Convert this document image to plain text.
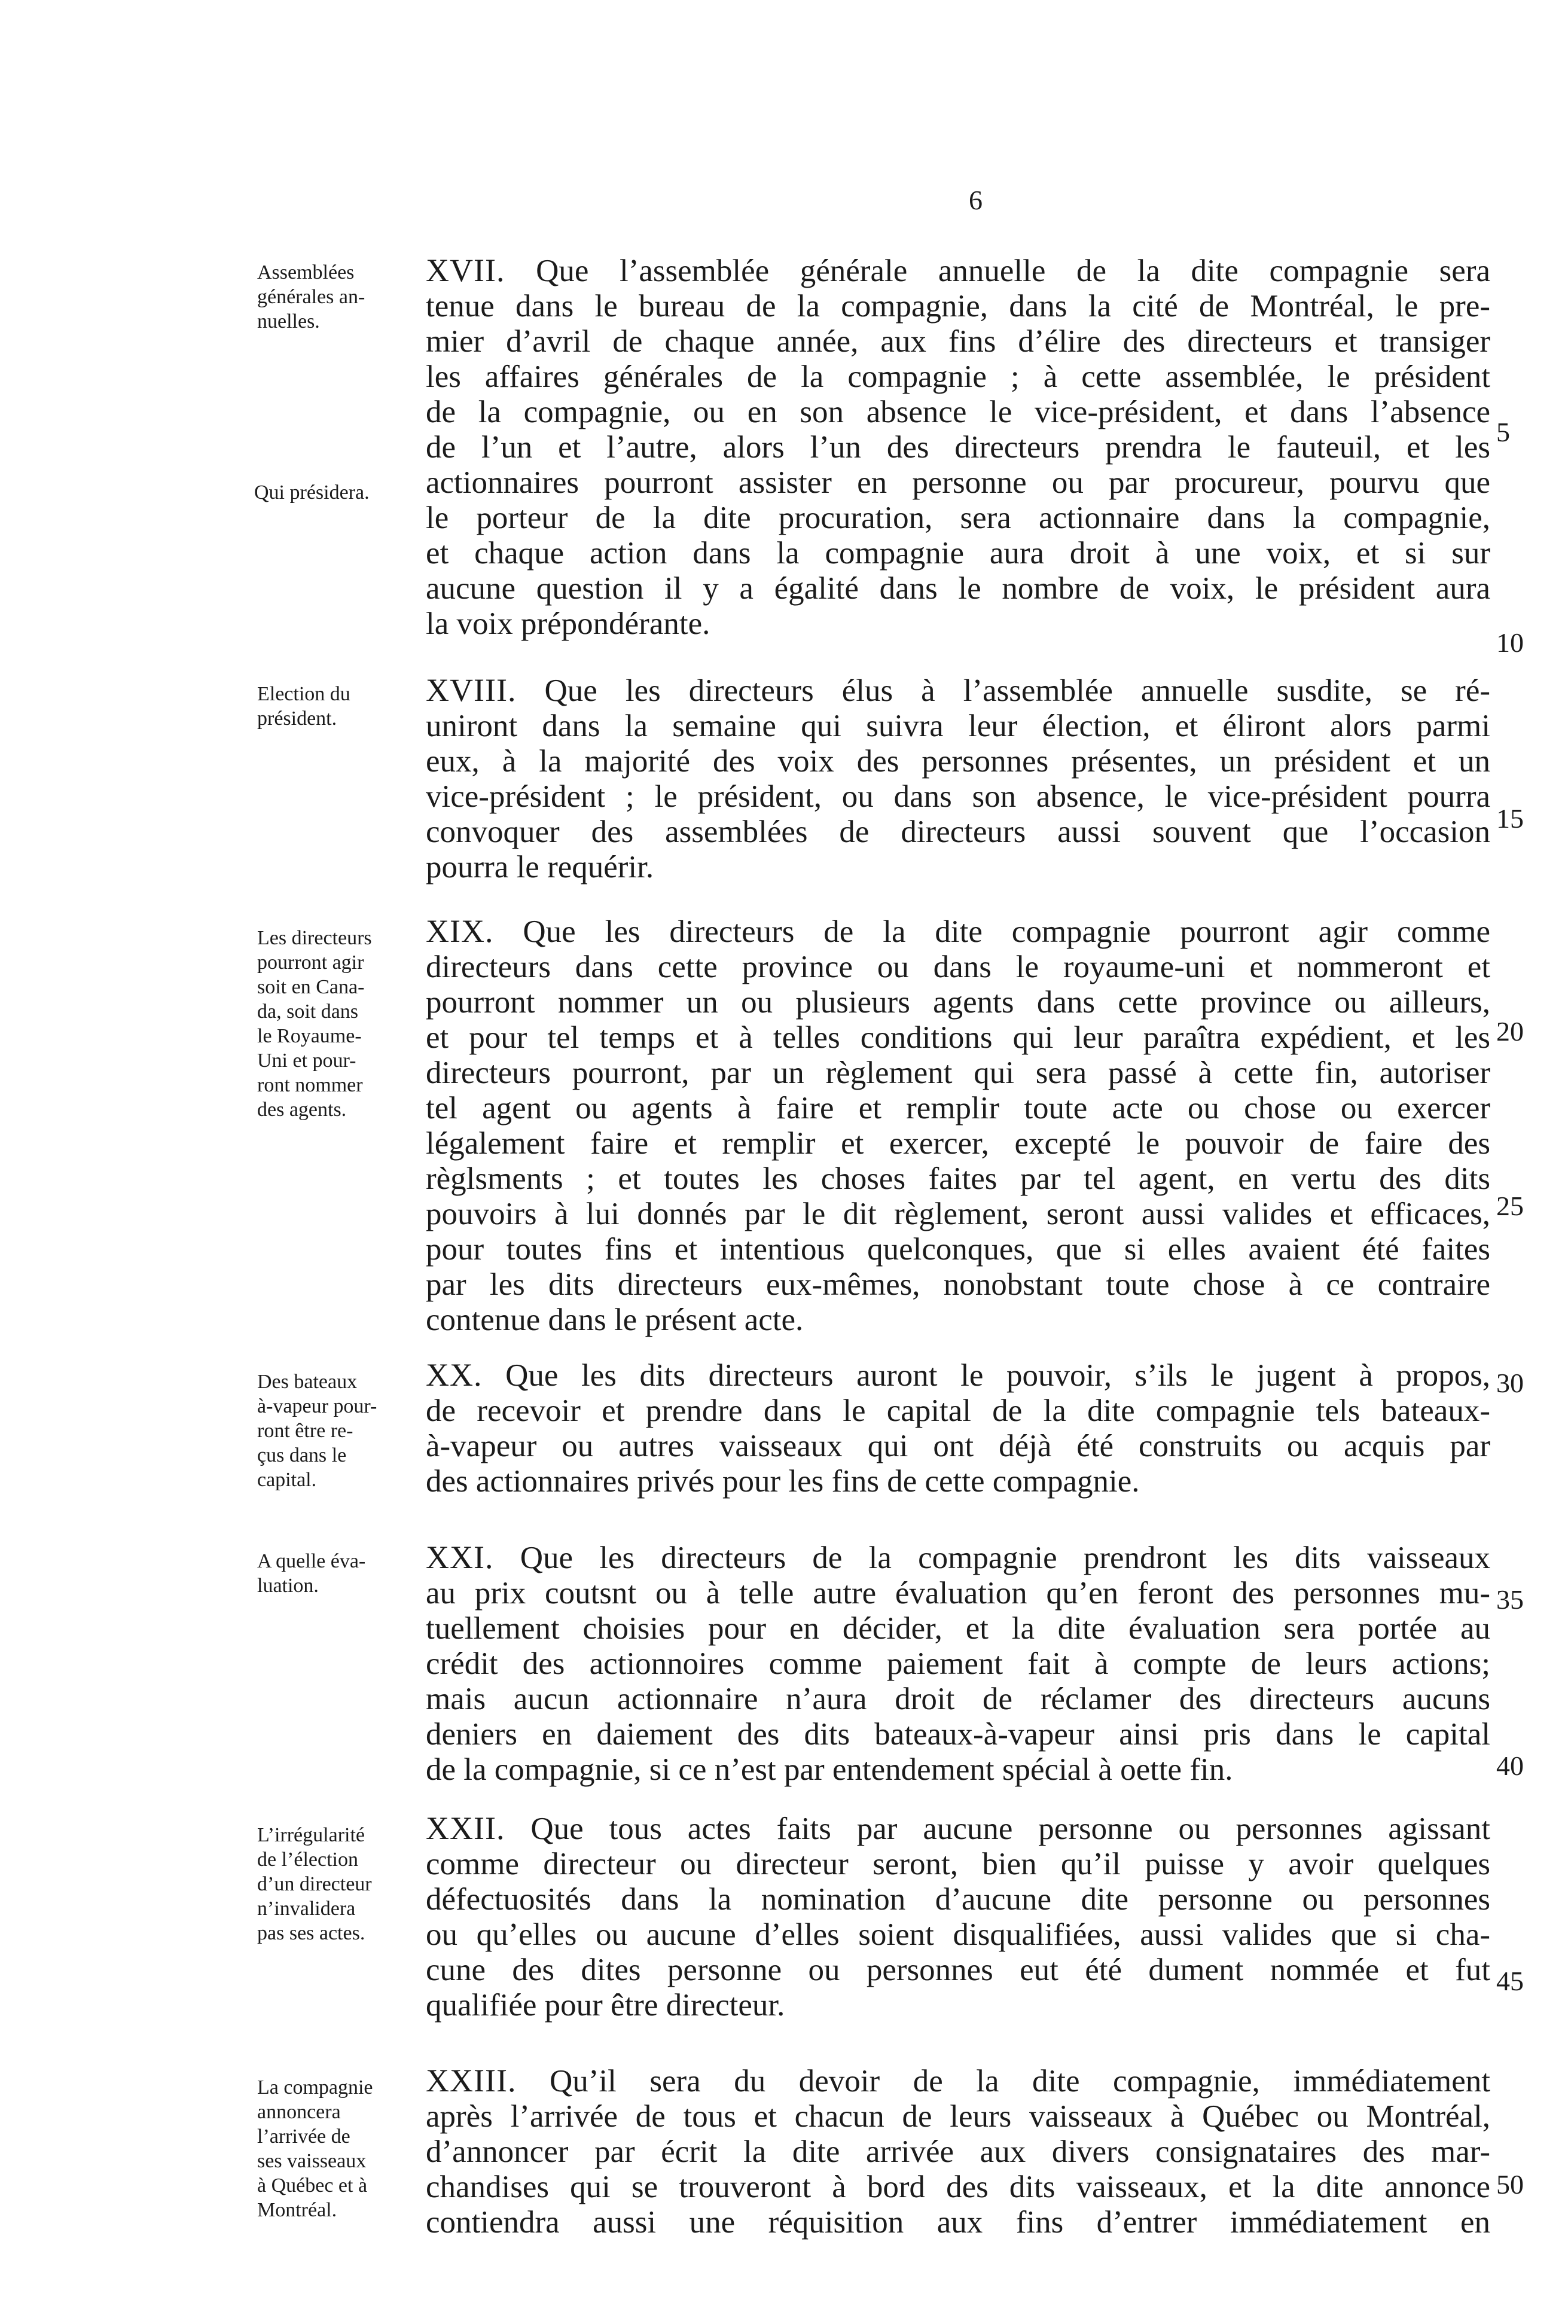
6
Assemblées
générales an-
nuelles.
Qui présidera.
XVII. Que l’assemblée générale annuelle de la dite compagnie sera
tenue dans le bureau de la compagnie, dans la cité de Montréal, le pre-
mier d’avril de chaque année, aux fins d’élire des directeurs et transiger
les affaires générales de la compagnie ; à cette assemblée, le président
de la compagnie, ou en son absence le vice-président, et dans l’absence
de l’un et l’autre, alors l’un des directeurs prendra le fauteuil, et les
actionnaires pourront assister en personne ou par procureur, pourvu que
le porteur de la dite procuration, sera actionnaire dans la compagnie,
et chaque action dans la compagnie aura droit à une voix, et si sur
aucune question il y a égalité dans le nombre de voix, le président aura
la voix prépondérante.
Election du
président.
XVIII. Que les directeurs élus à l’assemblée annuelle susdite, se ré-
uniront dans la semaine qui suivra leur élection, et éliront alors parmi
eux, à la majorité des voix des personnes présentes, un président et un
vice-président ; le président, ou dans son absence, le vice-président pourra
convoquer des assemblées de directeurs aussi souvent que l’occasion
pourra le requérir.
Les directeurs
pourront agir
soit en Cana-
da, soit dans
le Royaume-
Uni et pour-
ront nommer
des agents.
XIX. Que les directeurs de la dite compagnie pourront agir comme
directeurs dans cette province ou dans le royaume-uni et nommeront et
pourront nommer un ou plusieurs agents dans cette province ou ailleurs,
et pour tel temps et à telles conditions qui leur paraîtra expédient, et les
directeurs pourront, par un règlement qui sera passé à cette fin, autoriser
tel agent ou agents à faire et remplir toute acte ou chose ou exercer
légalement faire et remplir et exercer, excepté le pouvoir de faire des
règlsments ; et toutes les choses faites par tel agent, en vertu des dits
pouvoirs à lui donnés par le dit règlement, seront aussi valides et efficaces,
pour toutes fins et intentious quelconques, que si elles avaient été faites
par les dits directeurs eux-mêmes, nonobstant toute chose à ce contraire
contenue dans le présent acte.
Des bateaux
à-vapeur pour-
ront être re-
çus dans le
capital.
XX. Que les dits directeurs auront le pouvoir, s’ils le jugent à propos,
de recevoir et prendre dans le capital de la dite compagnie tels bateaux-
à-vapeur ou autres vaisseaux qui ont déjà été construits ou acquis par
des actionnaires privés pour les fins de cette compagnie.
A quelle éva-
luation.
XXI. Que les directeurs de la compagnie prendront les dits vaisseaux
au prix coutsnt ou à telle autre évaluation qu’en feront des personnes mu-
tuellement choisies pour en décider, et la dite évaluation sera portée au
crédit des actionnoires comme paiement fait à compte de leurs actions;
mais aucun actionnaire n’aura droit de réclamer des directeurs aucuns
deniers en daiement des dits bateaux-à-vapeur ainsi pris dans le capital
de la compagnie, si ce n’est par entendement spécial à oette fin.
L’irrégularité
de l’élection
d’un directeur
n’invalidera
pas ses actes.
XXII. Que tous actes faits par aucune personne ou personnes agissant
comme directeur ou directeur seront, bien qu’il puisse y avoir quelques
défectuosités dans la nomination d’aucune dite personne ou personnes
ou qu’elles ou aucune d’elles soient disqualifiées, aussi valides que si cha-
cune des dites personne ou personnes eut été dument nommée et fut
qualifiée pour être directeur.
La compagnie
annoncera
l’arrivée de
ses vaisseaux
à Québec et à
Montréal.
XXIII. Qu’il sera du devoir de la dite compagnie, immédiatement
après l’arrivée de tous et chacun de leurs vaisseaux à Québec ou Montréal,
d’annoncer par écrit la dite arrivée aux divers consignataires des mar-
chandises qui se trouveront à bord des dits vaisseaux, et la dite annonce
contiendra aussi une réquisition aux fins d’entrer immédiatement en
5
10
15
20
25
30
35
40
45
50
